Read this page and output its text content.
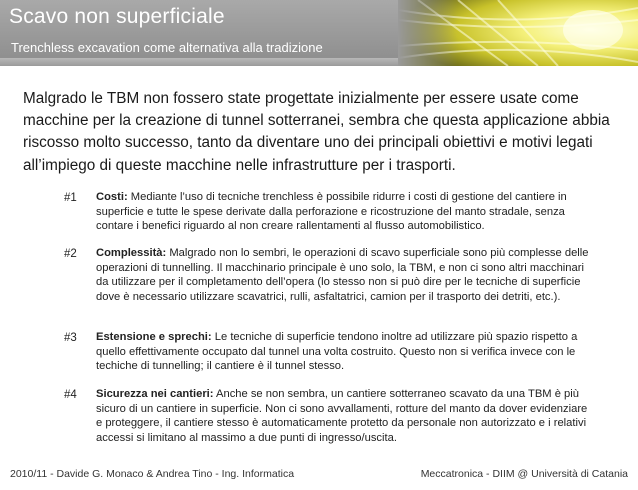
Scavo non superficiale
Trenchless excavation come alternativa alla tradizione
Malgrado le TBM non fossero state progettate inizialmente per essere usate come macchine per la creazione di tunnel sotterranei, sembra che questa applicazione abbia riscosso molto successo, tanto da diventare uno dei principali obiettivi e motivi legati all’impiego di queste macchine nelle infrastrutture per i trasporti.
#1 Costi: Mediante l’uso di tecniche trenchless è possibile ridurre i costi di gestione del cantiere in superficie e tutte le spese derivate dalla perforazione e ricostruzione del manto stradale, senza contare i benefici riguardo al non creare rallentamenti al flusso automobilistico.
#2 Complessità: Malgrado non lo sembri, le operazioni di scavo superficiale sono più complesse delle operazioni di tunnelling. Il macchinario principale è uno solo, la TBM, e non ci sono altri macchinari da utilizzare per il completamento dell’opera (lo stesso non si può dire per le tecniche di superficie dove è necessario utilizzare scavatrici, rulli, asfaltatrici, camion per il trasporto dei detriti, etc.).
#3 Estensione e sprechi: Le tecniche di superficie tendono inoltre ad utilizzare più spazio rispetto a quello effettivamente occupato dal tunnel una volta costruito. Questo non si verifica invece con le techiche di tunnelling; il cantiere è il tunnel stesso.
#4 Sicurezza nei cantieri: Anche se non sembra, un cantiere sotterraneo scavato da una TBM è più sicuro di un cantiere in superficie. Non ci sono avvallamenti, rotture del manto da dover evidenziare e proteggere, il cantiere stesso è automaticamente protetto da personale non autorizzato e i relativi accessi si limitano al massimo a due punti di ingresso/uscita.
2010/11 - Davide G. Monaco & Andrea Tino - Ing. Informatica	Meccatronica - DIIM @ Università di Catania
